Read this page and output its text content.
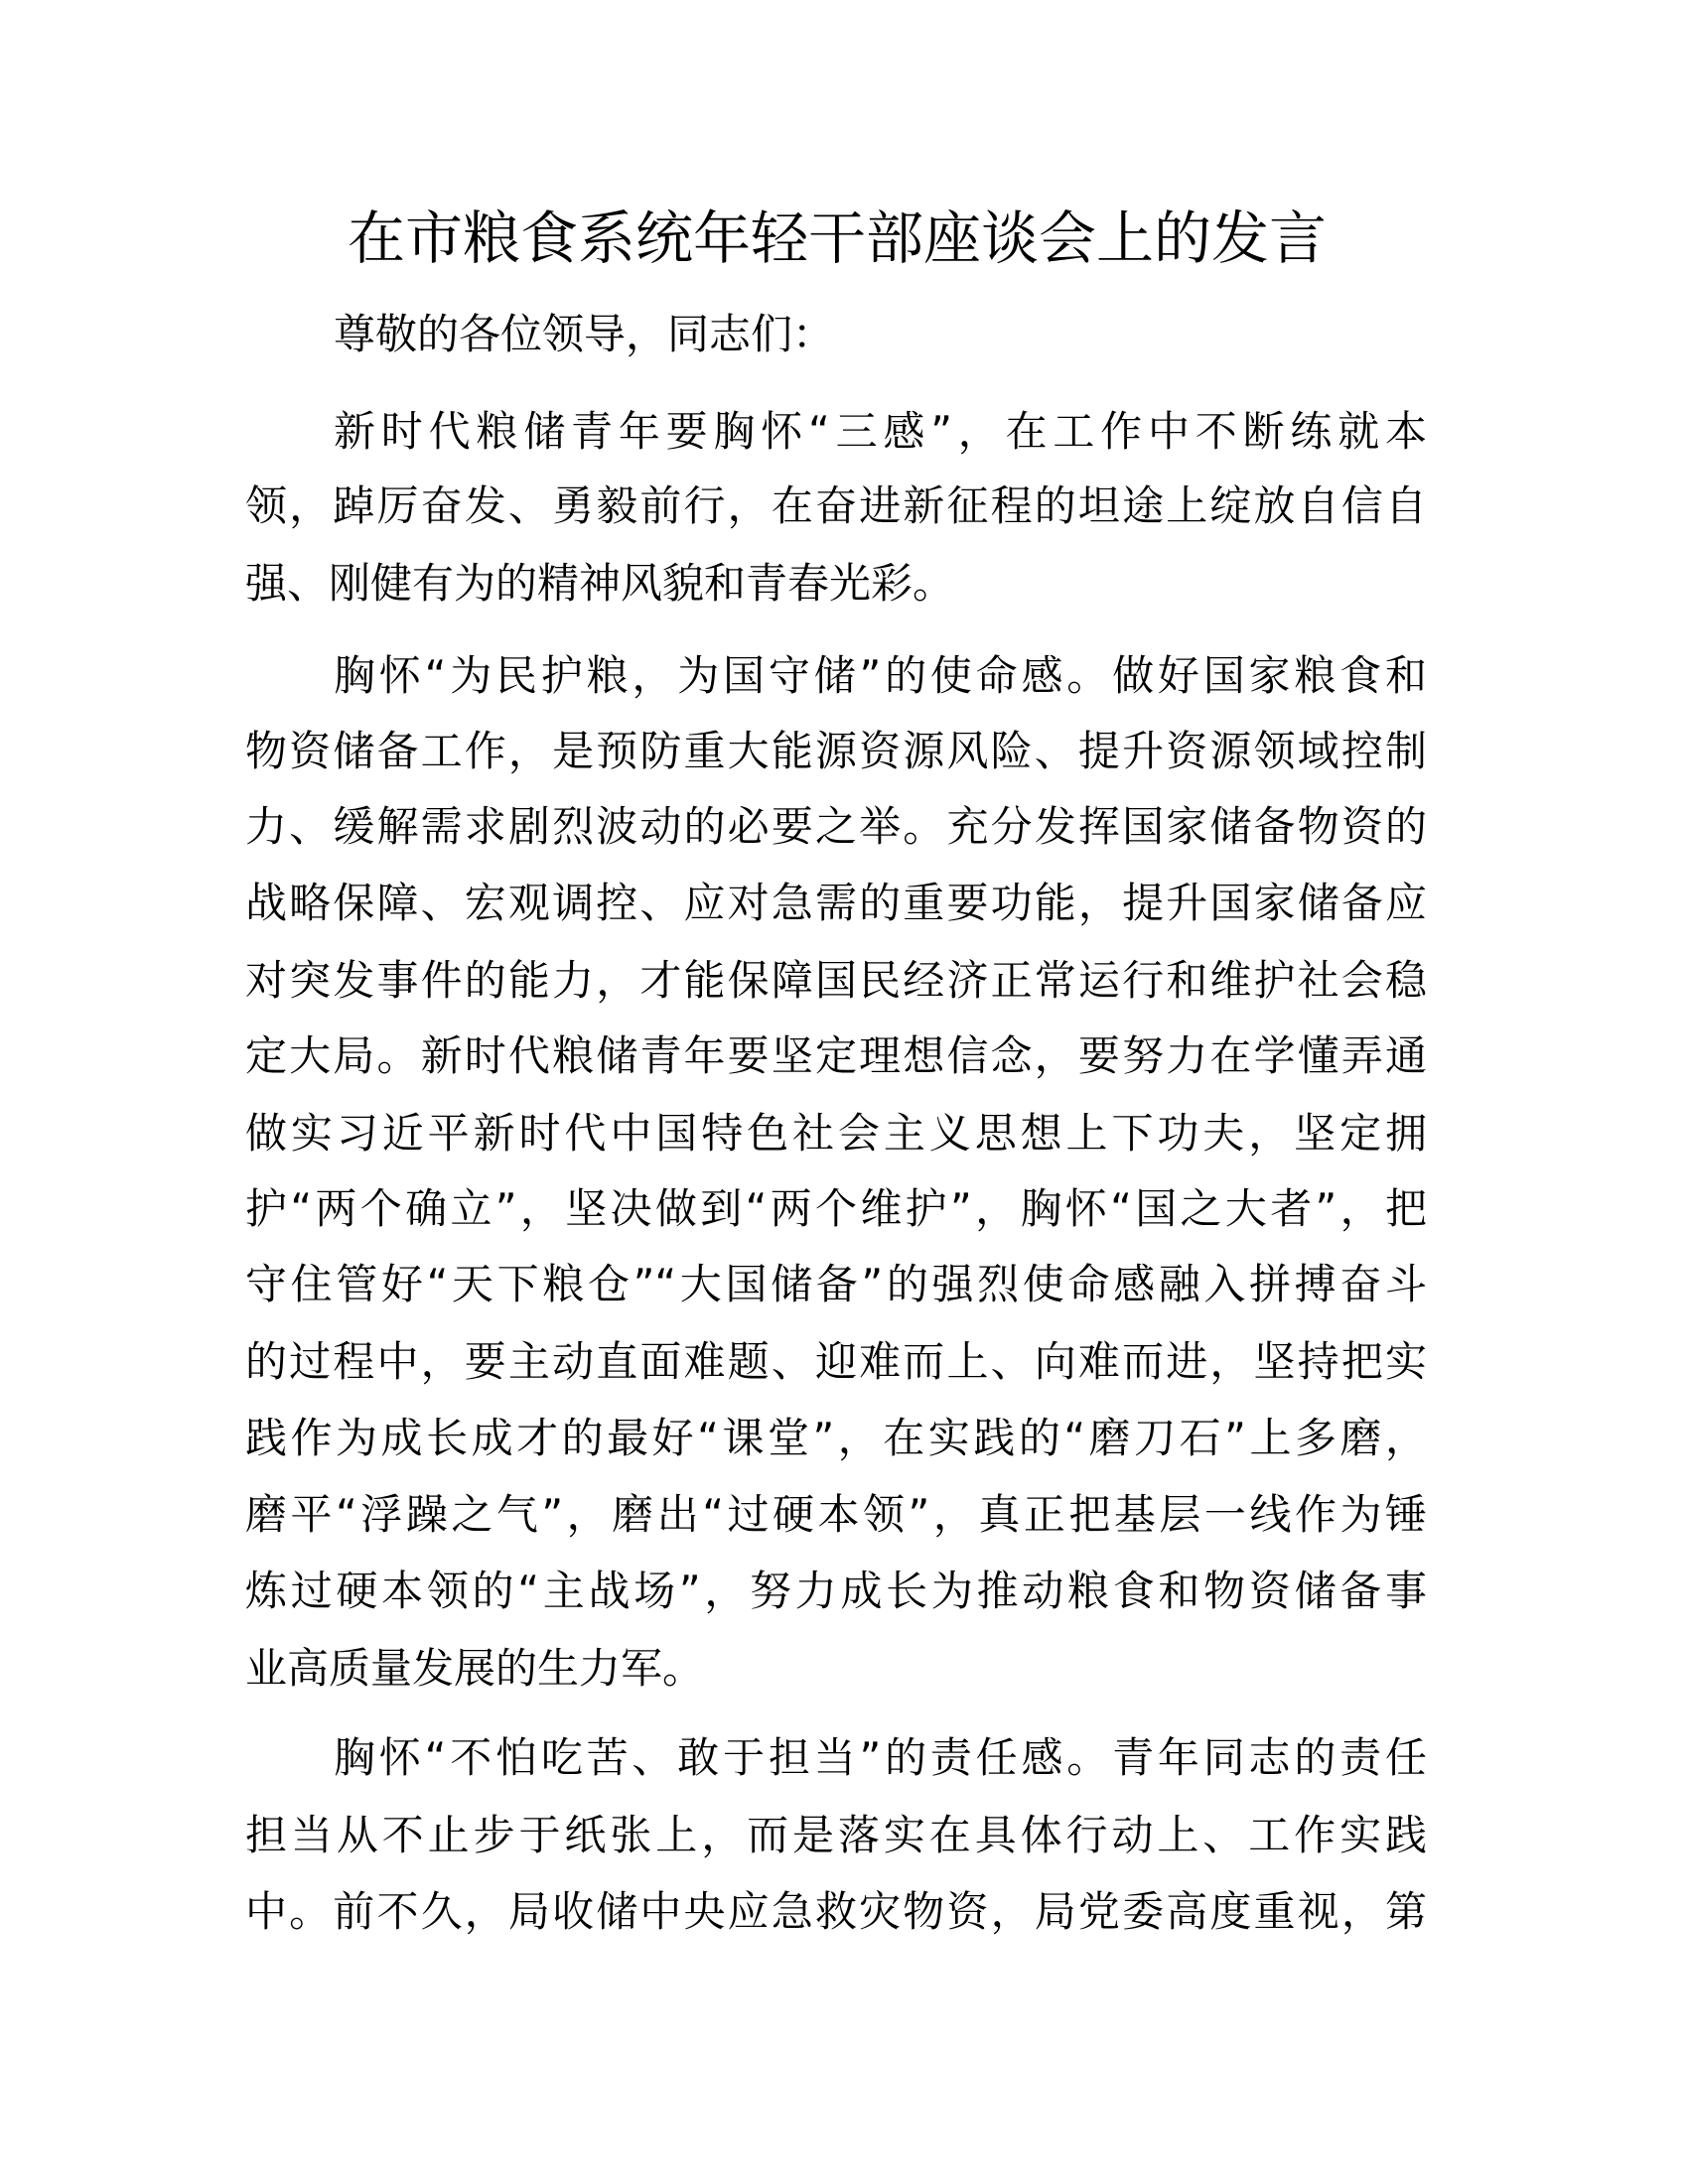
在市粮食系统年轻干部座谈会上的发言
尊敬的各位领导，同志们：
新时代粮储青年要胸怀“三感”，在工作中不断练就本
领，踔厉奋发、勇毅前行，在奋进新征程的坦途上绽放自信自
强、刚健有为的精神风貌和青春光彩。
胸怀“为民护粮，为国守储”的使命感。做好国家粮食和
物资储备工作，是预防重大能源资源风险、提升资源领域控制
力、缓解需求剧烈波动的必要之举。充分发挥国家储备物资的
战略保障、宏观调控、应对急需的重要功能，提升国家储备应
对突发事件的能力，才能保障国民经济正常运行和维护社会稳
定大局。新时代粮储青年要坚定理想信念，要努力在学懂弄通
做实习近平新时代中国特色社会主义思想上下功夫，坚定拥
护“两个确立”，坚决做到“两个维护”，胸怀“国之大者”，把
守住管好“天下粮仓”“大国储备”的强烈使命感融入拼搏奋斗
的过程中，要主动直面难题、迎难而上、向难而进，坚持把实
践作为成长成才的最好“课堂”，在实践的“磨刀石”上多磨，
磨平“浮躁之气”，磨出“过硬本领”，真正把基层一线作为锤
炼过硬本领的“主战场”，努力成长为推动粮食和物资储备事
业高质量发展的生力军。
胸怀“不怕吃苦、敢于担当”的责任感。青年同志的责任
担当从不止步于纸张上，而是落实在具体行动上、工作实践
中。前不久，局收储中央应急救灾物资，局党委高度重视，第
